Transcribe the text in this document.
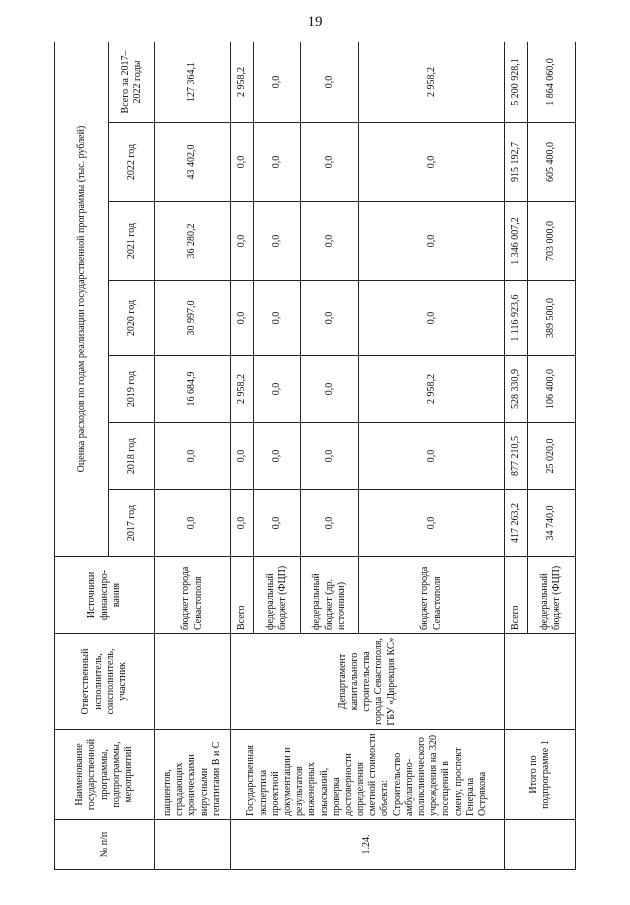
19
№ п/п	Наименование государственной программы, подпрограммы, мероприятий	Ответственный исполнитель, соисполнитель, участник	Источники финансиро-вания	Оценка расходов по годам реализации государственной программы (тыс. рублей)						
				2017 год	2018 год	2019 год	2020 год	2021 год	2022 год	Всего за 2017–2022 годы
	пациентов, страдающих хроническими вирусными гепатитами В и С		бюджет города Севастополя	0,0	0,0	16 684,9	30 997,0	36 280,2	43 402,0	127 364,1
1.24.	Государственная экспертиза проектной документации и результатов инженерных изысканий, проверка достоверности определения сметной стоимости объекта: Строительство амбулаторно-поликлинического учреждения на 320 посещений в смену, проспект Генерала Острякова	Департамент капитального строительства города Севастополя, ГБУ «Дирекция КС»	Всего	0,0	0,0	2 958,2	0,0	0,0	0,0	2 958,2
			федеральный бюджет (ФЦП)	0,0	0,0	0,0	0,0	0,0	0,0	0,0
			федеральный бюджет (др. источники)	0,0	0,0	0,0	0,0	0,0	0,0	0,0
			бюджет города Севастополя	0,0	0,0	2 958,2	0,0	0,0	0,0	2 958,2
	Итого по подпрограмме 1		Всего	417 263,2	877 210,5	528 330,9	1 116 923,6	1 346 007,2	915 192,7	5 200 928,1
			федеральный бюджет (ФЦП)	34 740,0	25 020,0	106 400,0	389 500,0	703 000,0	605 400,0	1 864 060,0
